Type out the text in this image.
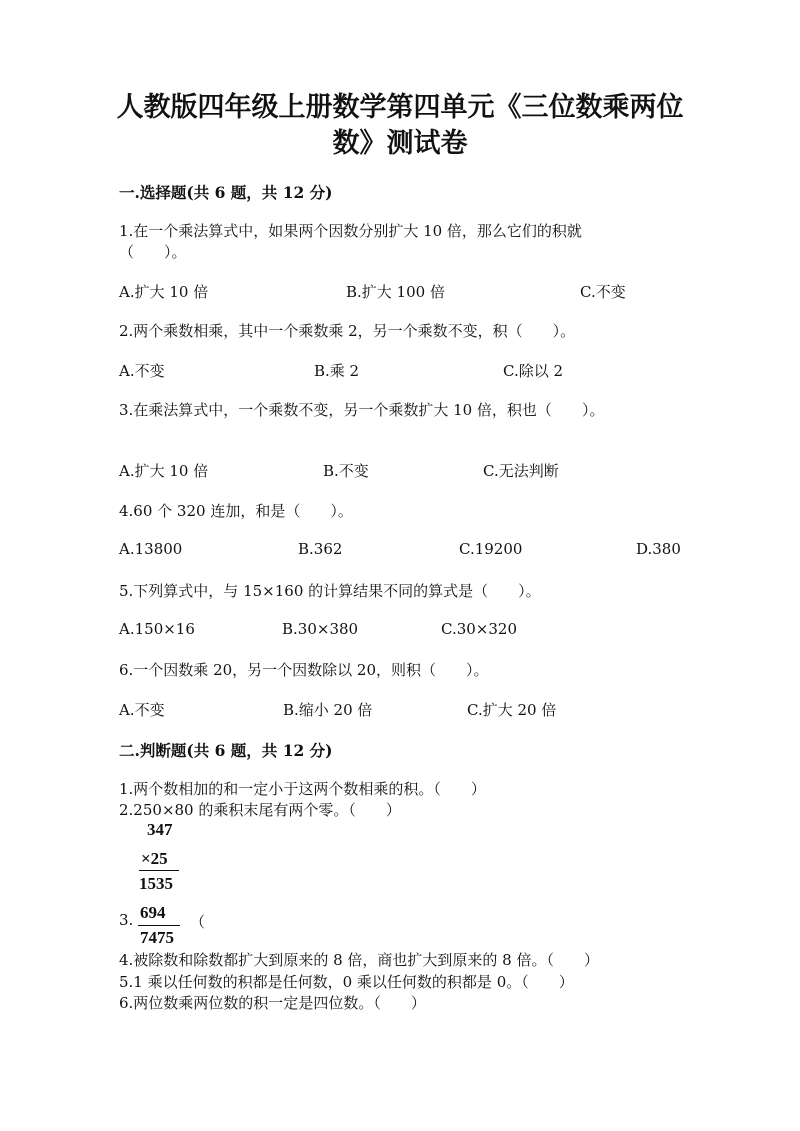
人教版四年级上册数学第四单元《三位数乘两位
数》测试卷
一.选择题(共 6 题，共 12 分)
1.在一个乘法算式中，如果两个因数分别扩大 10 倍，那么它们的积就
（　　）。
A.扩大 10 倍	B.扩大 100 倍	C.不变
2.两个乘数相乘，其中一个乘数乘 2，另一个乘数不变，积（　　）。
A.不变	B.乘 2	C.除以 2
3.在乘法算式中，一个乘数不变，另一个乘数扩大 10 倍，积也（　　）。
A.扩大 10 倍	B.不变	C.无法判断
4.60 个 320 连加，和是（　　）。
A.13800	B.362	C.19200	D.380
5.下列算式中，与 15×160 的计算结果不同的算式是（　　）。
A.150×16	B.30×380	C.30×320
6.一个因数乘 20，另一个因数除以 20，则积（　　）。
A.不变	B.缩小 20 倍	C.扩大 20 倍
二.判断题(共 6 题，共 12 分)
1.两个数相加的和一定小于这两个数相乘的积。（　　）
2.250×80 的乘积末尾有两个零。（　　）
347
×25
1535
3. 694
7475
（
4.被除数和除数都扩大到原来的 8 倍，商也扩大到原来的 8 倍。（　　）
5.1 乘以任何数的积都是任何数，0 乘以任何数的积都是 0。（　　）
6.两位数乘两位数的积一定是四位数。（　　）
